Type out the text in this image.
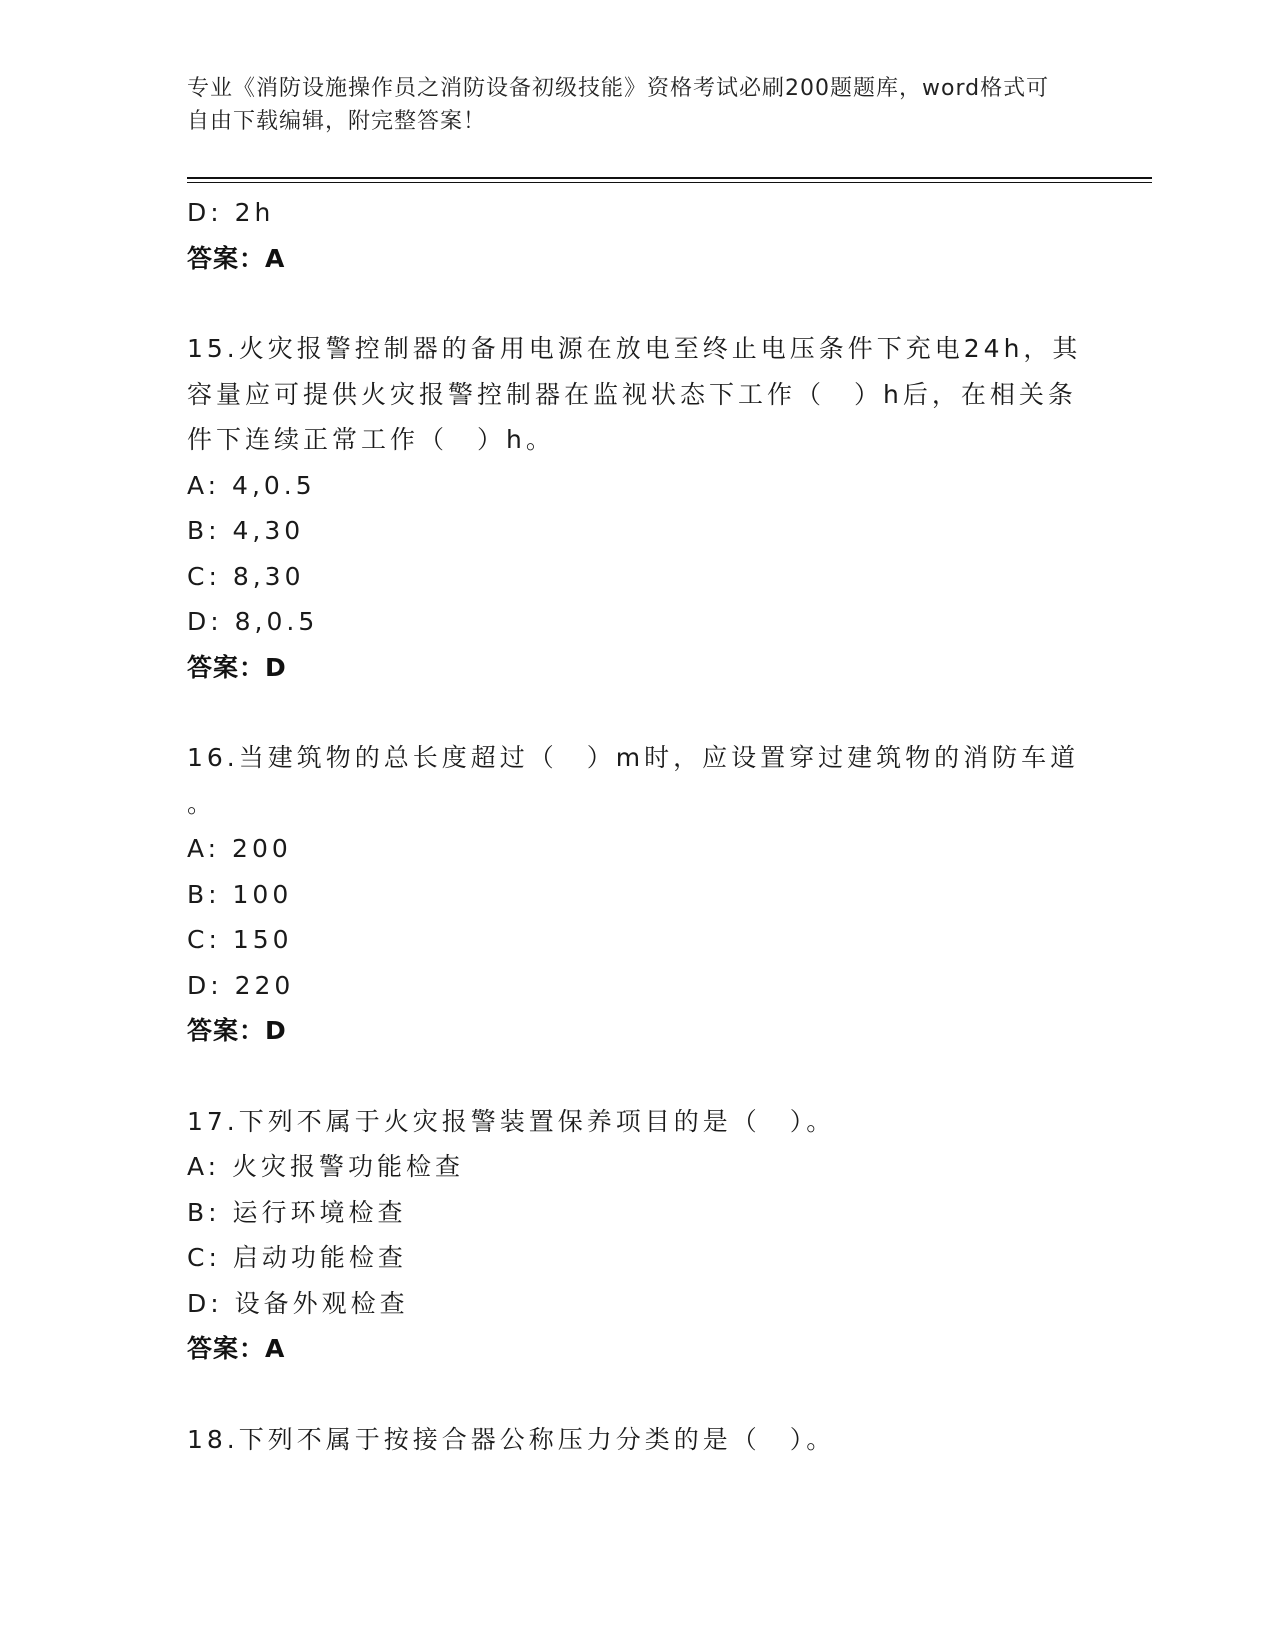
专业《消防设施操作员之消防设备初级技能》资格考试必刷200题题库，word格式可自由下载编辑，附完整答案！
D: 2h
答案：A
15.火灾报警控制器的备用电源在放电至终止电压条件下充电24h，其
容量应可提供火灾报警控制器在监视状态下工作（　）h后，在相关条
件下连续正常工作（　）h。
A: 4,0.5
B: 4,30
C: 8,30
D: 8,0.5
答案：D
16.当建筑物的总长度超过（　）m时，应设置穿过建筑物的消防车道
。
A: 200
B: 100
C: 150
D: 220
答案：D
17.下列不属于火灾报警装置保养项目的是（　）。
A: 火灾报警功能检查
B: 运行环境检查
C: 启动功能检查
D: 设备外观检查
答案：A
18.下列不属于按接合器公称压力分类的是（　）。
